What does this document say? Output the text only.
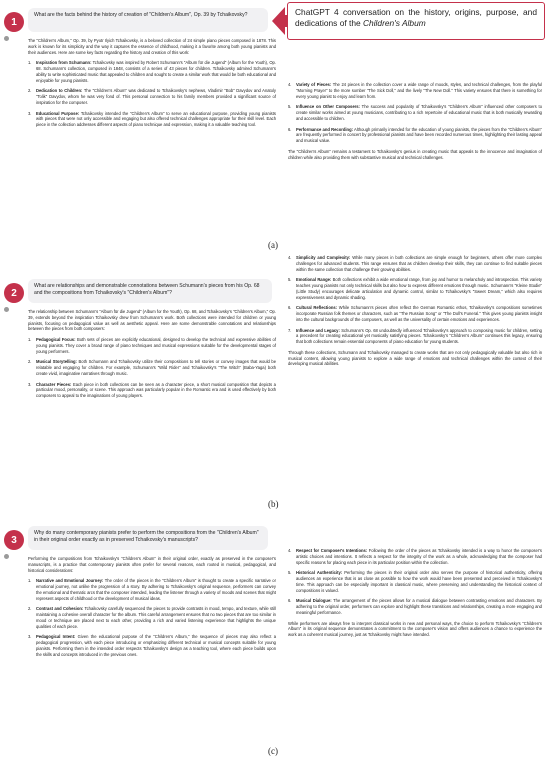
ChatGPT 4 conversation on the history, origins, purpose, and dedications of the Children's Album
1
What are the facts behind the history of creation of "Children's Album", Op. 39 by Tchaikovsky?

The "Children's Album," Op. 39, by Pyotr Ilyich Tchaikovsky, is a beloved collection of 24 simple piano pieces composed in 1878. This work is known for its simplicity and the way it captures the essence of childhood, making it a favorite among both young pianists and their audiences. Here are some key facts regarding the history and creation of this work:

1.	Inspiration from Schumann: Tchaikovsky was inspired by Robert Schumann's "Album für die Jugend" (Album for the Youth), Op. 68. Schumann's collection, composed in 1848, consists of a series of 43 pieces for children. Tchaikovsky admired Schumann's ability to write sophisticated music that appealed to children and sought to create a similar work that would be both educational and enjoyable for young pianists.
2.	Dedication to Children: The "Children's Album" was dedicated to Tchaikovsky's nephews, Vladimir "Bob" Davydov and Anatoly "Tolik" Davydov, whom he was very fond of. This personal connection to his family members provided a significant source of inspiration for the composer.
3.	Educational Purpose: Tchaikovsky intended the "Children's Album" to serve an educational purpose, providing young pianists with pieces that were not only accessible and engaging but also offered technical challenges appropriate for their skill level. Each piece in the collection addresses different aspects of piano technique and expression, making it a valuable teaching tool.
4.	Variety of Pieces: The 24 pieces in the collection cover a wide range of moods, styles, and technical challenges, from the playful "Morning Prayer" to the more somber "The Sick Doll," and the lively "The New Doll." This variety ensures that there is something for every young pianist to enjoy and learn from.
5.	Influence on Other Composers: The success and popularity of Tchaikovsky's "Children's Album" influenced other composers to create similar works aimed at young musicians, contributing to a rich repertoire of educational music that is both musically rewarding and accessible to children.
6.	Performance and Recording: Although primarily intended for the education of young pianists, the pieces from the "Children's Album" are frequently performed in concert by professional pianists and have been recorded numerous times, highlighting their lasting appeal and musical value.

The "Children's Album" remains a testament to Tchaikovsky's genius in creating music that appeals to the innocence and imagination of children while also providing them with substantive musical and technical challenges.

(a)
2
What are relationships and demonstrable connotations between Schumann's pieces from his Op. 68 and the compositions from Tchaikovsky's "Children's Album"?

The relationship between Schumann's "Album für die Jugend" (Album for the Youth), Op. 68, and Tchaikovsky's "Children's Album," Op. 39, extends beyond the inspiration Tchaikovsky drew from Schumann's work. Both collections were intended for children or young pianists, focusing on pedagogical value as well as aesthetic appeal. Here are some demonstrable connotations and relationships between the pieces from both composers:

1.	Pedagogical Focus: Both sets of pieces are explicitly educational, designed to develop the technical and expressive abilities of young pianists. They cover a broad range of piano techniques and musical expressions suitable for the developmental stages of young performers.
2.	Musical Storytelling: Both Schumann and Tchaikovsky utilize their compositions to tell stories or convey images that would be relatable and engaging for children. For example, Schumann's "Wild Rider" and Tchaikovsky's "The Witch" (Baba-Yaga) both create vivid, imaginative narratives through music.
3.	Character Pieces: Each piece in both collections can be seen as a character piece, a short musical composition that depicts a particular mood, personality, or scene. This approach was particularly popular in the Romantic era and is used effectively by both composers to appeal to the imaginations of young players.
4.	Simplicity and Complexity: While many pieces in both collections are simple enough for beginners, others offer more complex challenges for advanced students. This range ensures that as children develop their skills, they can continue to find suitable pieces within the same collection that challenge their growing abilities.
5.	Emotional Range: Both collections exhibit a wide emotional range, from joy and humor to melancholy and introspection. This variety teaches young pianists not only technical skills but also how to express different emotions through music. Schumann's "Kleine Studie" (Little Study) encourages delicate articulation and dynamic control, similar to Tchaikovsky's "Sweet Dream," which also requires expressiveness and dynamic shading.
6.	Cultural Reflections: While Schumann's pieces often reflect the German Romantic ethos, Tchaikovsky's compositions sometimes incorporate Russian folk themes or characters, such as "The Russian Song" or "The Doll's Funeral." This gives young pianists insight into the cultural backgrounds of the composers, as well as the universality of certain emotions and experiences.
7.	Influence and Legacy: Schumann's Op. 68 undoubtedly influenced Tchaikovsky's approach to composing music for children, setting a precedent for creating educational yet musically satisfying pieces. Tchaikovsky's "Children's Album" continues this legacy, ensuring that both collections remain essential components of piano education for young students.

Through these collections, Schumann and Tchaikovsky managed to create works that are not only pedagogically valuable but also rich in musical content, allowing young pianists to explore a wide range of emotions and technical challenges within the context of their developing musical abilities.

(b)
3
Why do many contemporary pianists prefer to perform the compositions from the "Children's Album" in their original order exactly as in preserved Tchaikovsky's manuscripts?

Performing the compositions from Tchaikovsky's "Children's Album" in their original order, exactly as preserved in the composer's manuscripts, is a practice that contemporary pianists often prefer for several reasons, each rooted in musical, pedagogical, and historical considerations:

1.	Narrative and Emotional Journey: The order of the pieces in the "Children's Album" is thought to create a specific narrative or emotional journey, not unlike the progression of a story. By adhering to Tchaikovsky's original sequence, performers can convey the emotional and thematic arcs that the composer intended, leading the listener through a variety of moods and scenes that might represent aspects of childhood or the development of musical ideas.
2.	Contrast and Cohesion: Tchaikovsky carefully sequenced the pieces to provide contrasts in mood, tempo, and texture, while still maintaining a cohesive overall character for the album. This careful arrangement ensures that no two pieces that are too similar in mood or technique are placed next to each other, providing a rich and varied listening experience that highlights the unique qualities of each piece.
3.	Pedagogical Intent: Given the educational purpose of the "Children's Album," the sequence of pieces may also reflect a pedagogical progression, with each piece introducing or emphasizing different technical or musical concepts suitable for young pianists. Performing them in the intended order respects Tchaikovsky's design as a teaching tool, where each piece builds upon the skills and concepts introduced in the previous ones.
4.	Respect for Composer's Intentions: Following the order of the pieces as Tchaikovsky intended is a way to honor the composer's artistic choices and intentions. It reflects a respect for the integrity of the work as a whole, acknowledging that the composer had specific reasons for placing each piece in its particular position within the collection.
5.	Historical Authenticity: Performing the pieces in their original order also serves the purpose of historical authenticity, offering audiences an experience that is as close as possible to how the work would have been presented and perceived in Tchaikovsky's time. This approach can be especially important in classical music, where preserving and understanding the historical context of compositions is valued.
6.	Musical Dialogue: The arrangement of the pieces allows for a musical dialogue between contrasting emotions and characters. By adhering to the original order, performers can explore and highlight these transitions and relationships, creating a more engaging and meaningful performance.

While performers are always free to interpret classical works in new and personal ways, the choice to perform Tchaikovsky's "Children's Album" in its original sequence demonstrates a commitment to the composer's vision and offers audiences a chance to experience the work as a coherent musical journey, just as Tchaikovsky might have intended.

(c)
